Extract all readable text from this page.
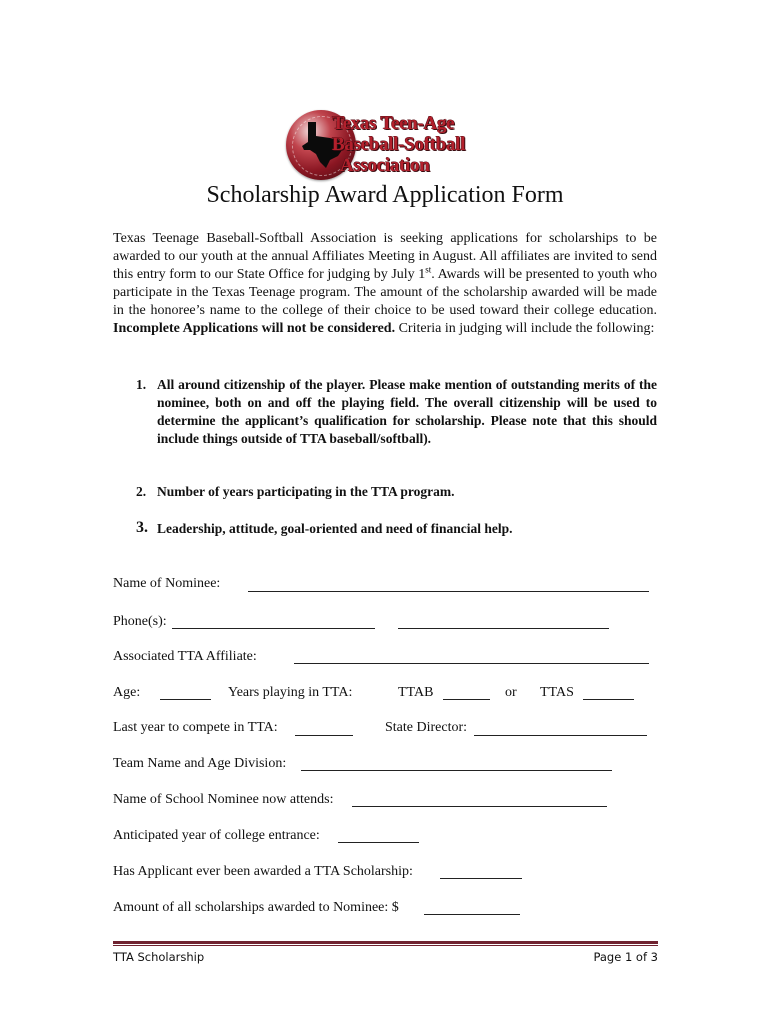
Texas Teen-Age
Baseball-Softball
Association
Scholarship Award Application Form
Texas Teenage Baseball-Softball Association is seeking applications for scholarships to be awarded to our youth at the annual Affiliates Meeting in August. All affiliates are invited to send this entry form to our State Office for judging by July 1st. Awards will be presented to youth who participate in the Texas Teenage program. The amount of the scholarship awarded will be made in the honoree’s name to the college of their choice to be used toward their college education. Incomplete Applications will not be considered. Criteria in judging will include the following:
1. All around citizenship of the player. Please make mention of outstanding merits of the nominee, both on and off the playing field. The overall citizenship will be used to determine the applicant’s qualification for scholarship. Please note that this should include things outside of TTA baseball/softball).
2. Number of years participating in the TTA program.
3. Leadership, attitude, goal-oriented and need of financial help.
Name of Nominee:
Phone(s):
Associated TTA Affiliate:
Age:	Years playing in TTA:	TTAB	or TTAS
Last year to compete in TTA:	State Director:
Team Name and Age Division:
Name of School Nominee now attends:
Anticipated year of college entrance:
Has Applicant ever been awarded a TTA Scholarship:
Amount of all scholarships awarded to Nominee: $
TTA Scholarship	Page 1 of 3
